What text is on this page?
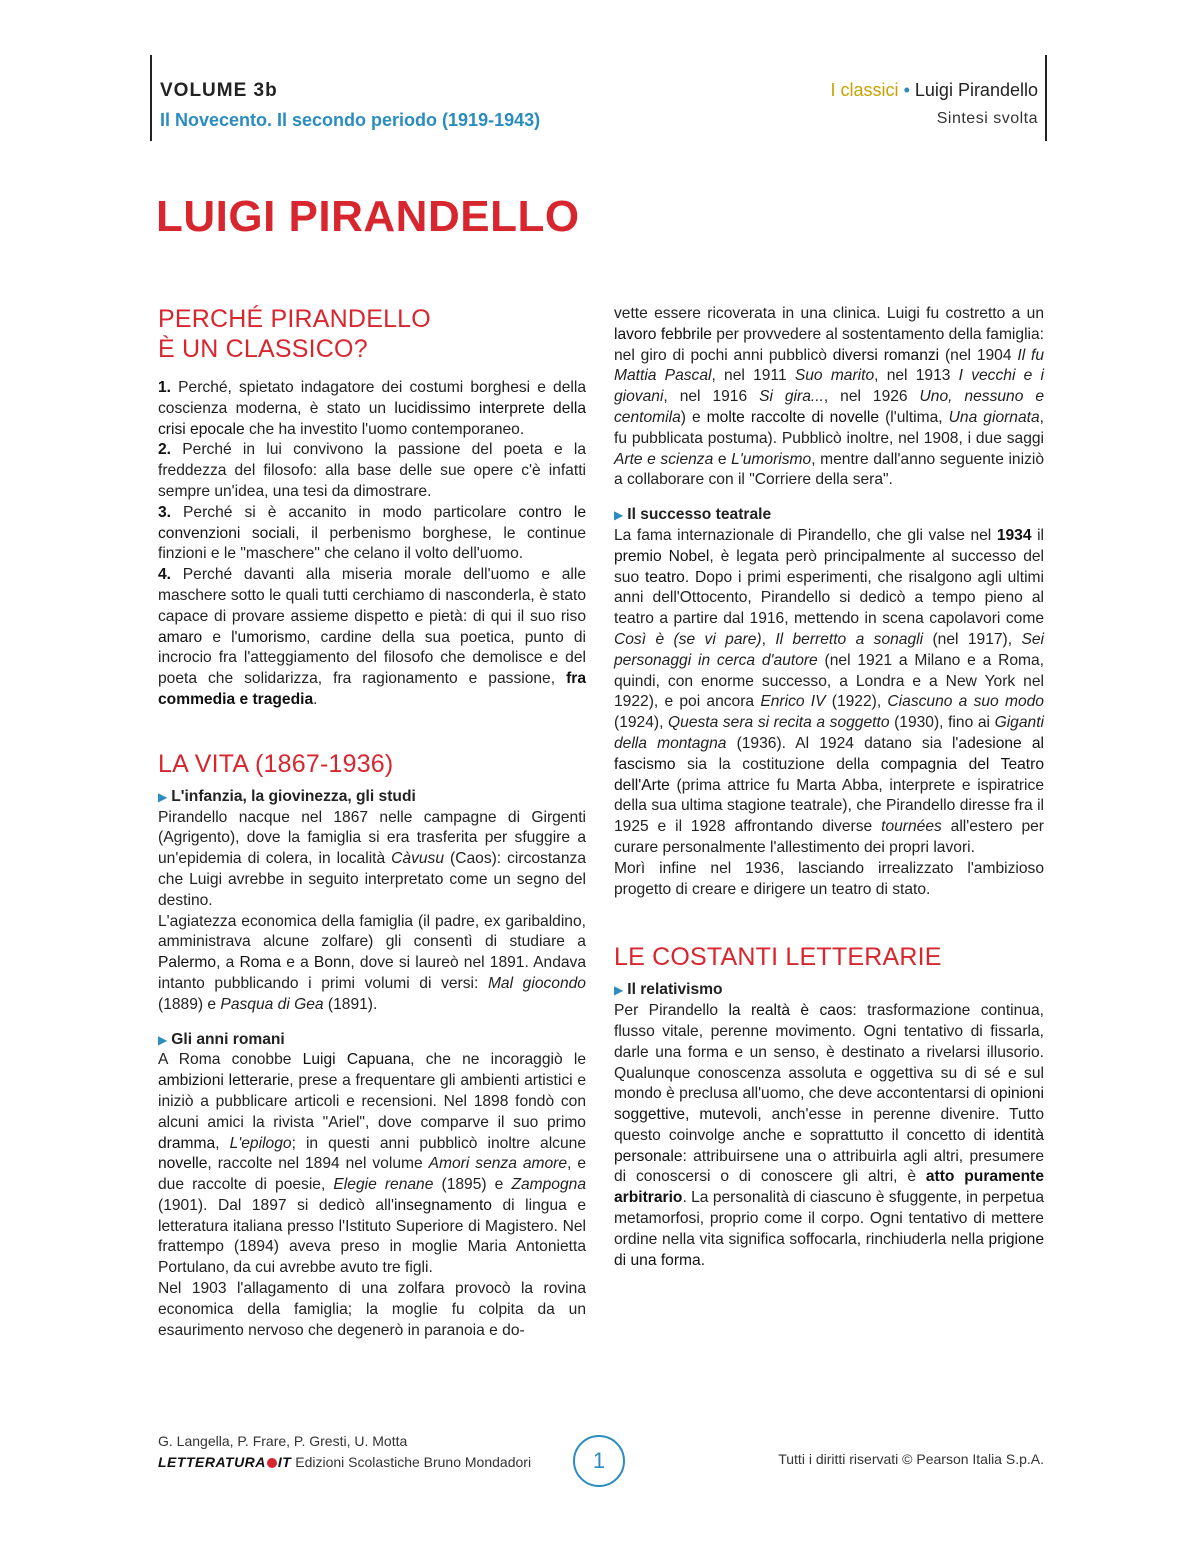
VOLUME 3b
Il Novecento. Il secondo periodo (1919-1943)
I classici • Luigi Pirandello
Sintesi svolta
LUIGI PIRANDELLO
PERCHÉ PIRANDELLO
È UN CLASSICO?

1. Perché, spietato indagatore dei costumi borghesi e della coscienza moderna, è stato un lucidissimo interprete della crisi epocale che ha investito l'uomo contemporaneo.

2. Perché in lui convivono la passione del poeta e la freddezza del filosofo: alla base delle sue opere c'è infatti sempre un'idea, una tesi da dimostrare.

3. Perché si è accanito in modo particolare contro le convenzioni sociali, il perbenismo borghese, le continue finzioni e le "maschere" che celano il volto dell'uomo.

4. Perché davanti alla miseria morale dell'uomo e alle maschere sotto le quali tutti cerchiamo di nasconderla, è stato capace di provare assieme dispetto e pietà: di qui il suo riso amaro e l'umorismo, cardine della sua poetica, punto di incrocio fra l'atteggiamento del filosofo che demolisce e del poeta che solidarizza, fra ragionamento e passione, fra commedia e tragedia.

LA VITA (1867-1936)

▶ L'infanzia, la giovinezza, gli studi

Pirandello nacque nel 1867 nelle campagne di Girgenti (Agrigento), dove la famiglia si era trasferita per sfuggire a un'epidemia di colera, in località Càvusu (Caos): circostanza che Luigi avrebbe in seguito interpretato come un segno del destino.

L'agiatezza economica della famiglia (il padre, ex garibaldino, amministrava alcune zolfare) gli consentì di studiare a Palermo, a Roma e a Bonn, dove si laureò nel 1891. Andava intanto pubblicando i primi volumi di versi: Mal giocondo (1889) e Pasqua di Gea (1891).

▶ Gli anni romani

A Roma conobbe Luigi Capuana, che ne incoraggiò le ambizioni letterarie, prese a frequentare gli ambienti artistici e iniziò a pubblicare articoli e recensioni. Nel 1898 fondò con alcuni amici la rivista "Ariel", dove comparve il suo primo dramma, L'epilogo; in questi anni pubblicò inoltre alcune novelle, raccolte nel 1894 nel volume Amori senza amore, e due raccolte di poesie, Elegie renane (1895) e Zampogna (1901). Dal 1897 si dedicò all'insegnamento di lingua e letteratura italiana presso l'Istituto Superiore di Magistero. Nel frattempo (1894) aveva preso in moglie Maria Antonietta Portulano, da cui avrebbe avuto tre figli.

Nel 1903 l'allagamento di una zolfara provocò la rovina economica della famiglia; la moglie fu colpita da un esaurimento nervoso che degenerò in paranoia e do-

vette essere ricoverata in una clinica. Luigi fu costretto a un lavoro febbrile per provvedere al sostentamento della famiglia: nel giro di pochi anni pubblicò diversi romanzi (nel 1904 Il fu Mattia Pascal, nel 1911 Suo marito, nel 1913 I vecchi e i giovani, nel 1916 Si gira..., nel 1926 Uno, nessuno e centomila) e molte raccolte di novelle (l'ultima, Una giornata, fu pubblicata postuma). Pubblicò inoltre, nel 1908, i due saggi Arte e scienza e L'umorismo, mentre dall'anno seguente iniziò a collaborare con il "Corriere della sera".

▶ Il successo teatrale

La fama internazionale di Pirandello, che gli valse nel 1934 il premio Nobel, è legata però principalmente al successo del suo teatro. Dopo i primi esperimenti, che risalgono agli ultimi anni dell'Ottocento, Pirandello si dedicò a tempo pieno al teatro a partire dal 1916, mettendo in scena capolavori come Così è (se vi pare), Il berretto a sonagli (nel 1917), Sei personaggi in cerca d'autore (nel 1921 a Milano e a Roma, quindi, con enorme successo, a Londra e a New York nel 1922), e poi ancora Enrico IV (1922), Ciascuno a suo modo (1924), Questa sera si recita a soggetto (1930), fino ai Giganti della montagna (1936). Al 1924 datano sia l'adesione al fascismo sia la costituzione della compagnia del Teatro dell'Arte (prima attrice fu Marta Abba, interprete e ispiratrice della sua ultima stagione teatrale), che Pirandello diresse fra il 1925 e il 1928 affrontando diverse tournées all'estero per curare personalmente l'allestimento dei propri lavori.

Morì infine nel 1936, lasciando irrealizzato l'ambizioso progetto di creare e dirigere un teatro di stato.

LE COSTANTI LETTERARIE

▶ Il relativismo

Per Pirandello la realtà è caos: trasformazione continua, flusso vitale, perenne movimento. Ogni tentativo di fissarla, darle una forma e un senso, è destinato a rivelarsi illusorio. Qualunque conoscenza assoluta e oggettiva su di sé e sul mondo è preclusa all'uomo, che deve accontentarsi di opinioni soggettive, mutevoli, anch'esse in perenne divenire. Tutto questo coinvolge anche e soprattutto il concetto di identità personale: attribuirsene una o attribuirla agli altri, presumere di conoscersi o di conoscere gli altri, è atto puramente arbitrario. La personalità di ciascuno è sfuggente, in perpetua metamorfosi, proprio come il corpo. Ogni tentativo di mettere ordine nella vita significa soffocarla, rinchiuderla nella prigione di una forma.

G. Langella, P. Frare, P. Gresti, U. Motta
LETTERATURA IT Edizioni Scolastiche Bruno Mondadori	1	Tutti i diritti riservati © Pearson Italia S.p.A.
